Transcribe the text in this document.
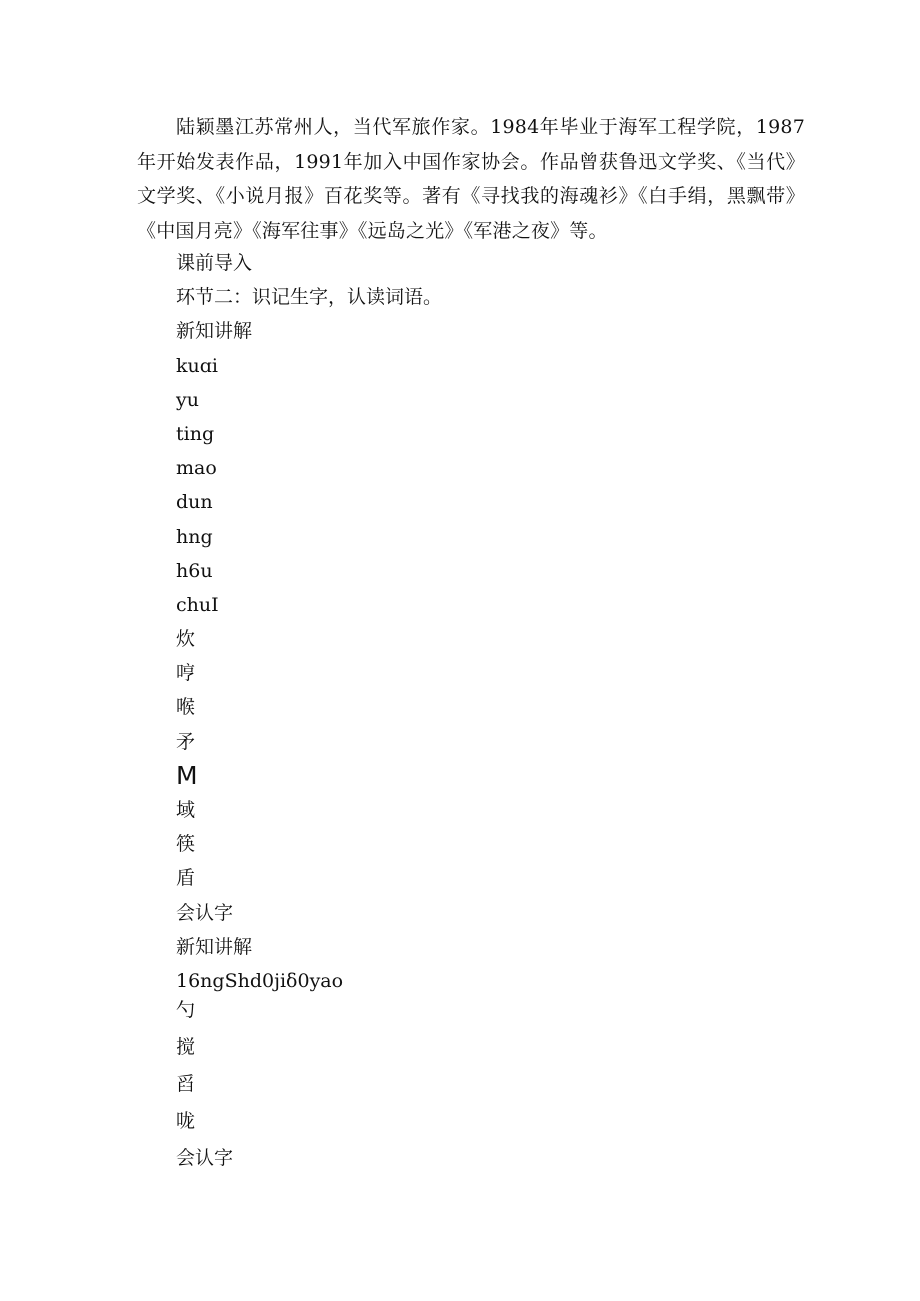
陆颖墨江苏常州人，当代军旅作家。1984年毕业于海军工程学院，1987年开始发表作品，1991年加入中国作家协会。作品曾获鲁迅文学奖、《当代》文学奖、《小说月报》百花奖等。著有《寻找我的海魂衫》《白手绢，黑飘带》《中国月亮》《海军往事》《远岛之光》《军港之夜》等。

课前导入
环节二：识记生字，认读词语。
新知讲解
kuɑi
yu
ting
mao
dun
hng
h6u
chuI
炊
哼
喉
矛
M
域
筷
盾
会认字
新知讲解
16ngShd0jiδ0yao
勺
搅
舀
咙
会认字
